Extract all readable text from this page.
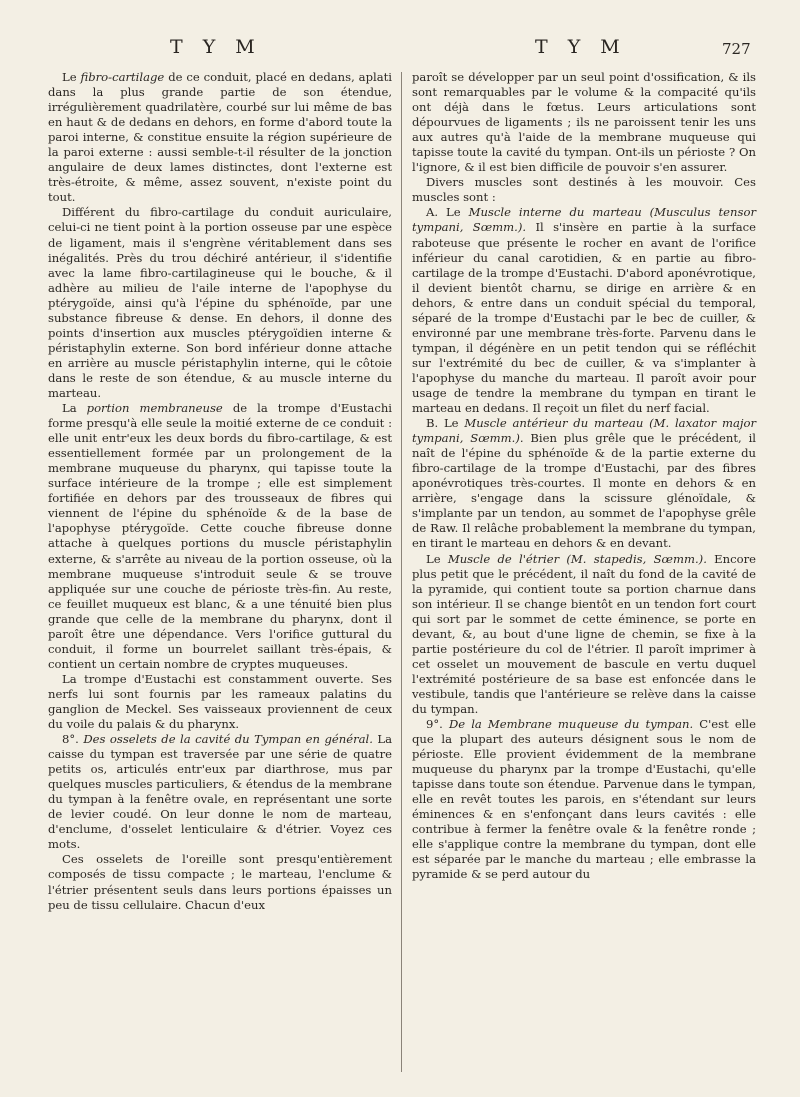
T Y M	T Y M	727

Le fibro-cartilage de ce conduit, placé en dedans, aplati dans la plus grande partie de son étendue, irrégulièrement quadrilatère, courbé sur lui même de bas en haut & de dedans en dehors, en forme d'abord toute la paroi interne, & constitue ensuite la région supérieure de la paroi externe : aussi semble-t-il résulter de la jonction angulaire de deux lames distinctes, dont l'externe est très-étroite, & même, assez souvent, n'existe point du tout.

Différent du fibro-cartilage du conduit auriculaire, celui-ci ne tient point à la portion osseuse par une espèce de ligament, mais il s'engrène véritablement dans ses inégalités. Près du trou déchiré antérieur, il s'identifie avec la lame fibro-cartilagineuse qui le bouche, & il adhère au milieu de l'aile interne de l'apophyse du ptérygoïde, ainsi qu'à l'épine du sphénoïde, par une substance fibreuse & dense. En dehors, il donne des points d'insertion aux muscles ptérygoïdien interne & péristaphylin externe. Son bord inférieur donne attache en arrière au muscle péristaphylin interne, qui le côtoie dans le reste de son étendue, & au muscle interne du marteau.

La portion membraneuse de la trompe d'Eustachi forme presqu'à elle seule la moitié externe de ce conduit : elle unit entr'eux les deux bords du fibro-cartilage, & est essentiellement formée par un prolongement de la membrane muqueuse du pharynx, qui tapisse toute la surface intérieure de la trompe ; elle est simplement fortifiée en dehors par des trousseaux de fibres qui viennent de l'épine du sphénoïde & de la base de l'apophyse ptérygoïde. Cette couche fibreuse donne attache à quelques portions du muscle péristaphylin externe, & s'arrête au niveau de la portion osseuse, où la membrane muqueuse s'introduit seule & se trouve appliquée sur une couche de périoste très-fin. Au reste, ce feuillet muqueux est blanc, & a une ténuité bien plus grande que celle de la membrane du pharynx, dont il paroît être une dépendance. Vers l'orifice guttural du conduit, il forme un bourrelet saillant très-épais, & contient un certain nombre de cryptes muqueuses.

La trompe d'Eustachi est constamment ouverte. Ses nerfs lui sont fournis par les rameaux palatins du ganglion de Meckel. Ses vaisseaux proviennent de ceux du voile du palais & du pharynx.

8°. Des osselets de la cavité du Tympan en général. La caisse du tympan est traversée par une série de quatre petits os, articulés entr'eux par diarthrose, mus par quelques muscles particuliers, & étendus de la membrane du tympan à la fenêtre ovale, en représentant une sorte de levier coudé. On leur donne le nom de marteau, d'enclume, d'osselet lenticulaire & d'étrier. Voyez ces mots.

Ces osselets de l'oreille sont presqu'entièrement composés de tissu compacte ; le marteau, l'enclume & l'étrier présentent seuls dans leurs portions épaisses un peu de tissu cellulaire. Chacun d'eux

paroît se développer par un seul point d'ossification, & ils sont remarquables par le volume & la compacité qu'ils ont déjà dans le fœtus. Leurs articulations sont dépourvues de ligaments ; ils ne paroissent tenir les uns aux autres qu'à l'aide de la membrane muqueuse qui tapisse toute la cavité du tympan. Ont-ils un périoste ? On l'ignore, & il est bien difficile de pouvoir s'en assurer.

Divers muscles sont destinés à les mouvoir. Ces muscles sont :

A. Le Muscle interne du marteau (Musculus tensor tympani, Sœmm.). Il s'insère en partie à la surface raboteuse que présente le rocher en avant de l'orifice inférieur du canal carotidien, & en partie au fibro-cartilage de la trompe d'Eustachi. D'abord aponévrotique, il devient bientôt charnu, se dirige en arrière & en dehors, & entre dans un conduit spécial du temporal, séparé de la trompe d'Eustachi par le bec de cuiller, & environné par une membrane très-forte. Parvenu dans le tympan, il dégénère en un petit tendon qui se réfléchit sur l'extrémité du bec de cuiller, & va s'implanter à l'apophyse du manche du marteau. Il paroît avoir pour usage de tendre la membrane du tympan en tirant le marteau en dedans. Il reçoit un filet du nerf facial.

B. Le Muscle antérieur du marteau (M. laxator major tympani, Sœmm.). Bien plus grêle que le précédent, il naît de l'épine du sphénoïde & de la partie externe du fibro-cartilage de la trompe d'Eustachi, par des fibres aponévrotiques très-courtes. Il monte en dehors & en arrière, s'engage dans la scissure glénoïdale, & s'implante par un tendon, au sommet de l'apophyse grêle de Raw. Il relâche probablement la membrane du tympan, en tirant le marteau en dehors & en devant.

Le Muscle de l'étrier (M. stapedis, Sœmm.). Encore plus petit que le précédent, il naît du fond de la cavité de la pyramide, qui contient toute sa portion charnue dans son intérieur. Il se change bientôt en un tendon fort court qui sort par le sommet de cette éminence, se porte en devant, &, au bout d'une ligne de chemin, se fixe à la partie postérieure du col de l'étrier. Il paroît imprimer à cet osselet un mouvement de bascule en vertu duquel l'extrémité postérieure de sa base est enfoncée dans le vestibule, tandis que l'antérieure se relève dans la caisse du tympan.

9°. De la Membrane muqueuse du tympan. C'est elle que la plupart des auteurs désignent sous le nom de périoste. Elle provient évidemment de la membrane muqueuse du pharynx par la trompe d'Eustachi, qu'elle tapisse dans toute son étendue. Parvenue dans le tympan, elle en revêt toutes les parois, en s'étendant sur leurs éminences & en s'enfonçant dans leurs cavités : elle contribue à fermer la fenêtre ovale & la fenêtre ronde ; elle s'applique contre la membrane du tympan, dont elle est séparée par le manche du marteau ; elle embrasse la pyramide & se perd autour du
